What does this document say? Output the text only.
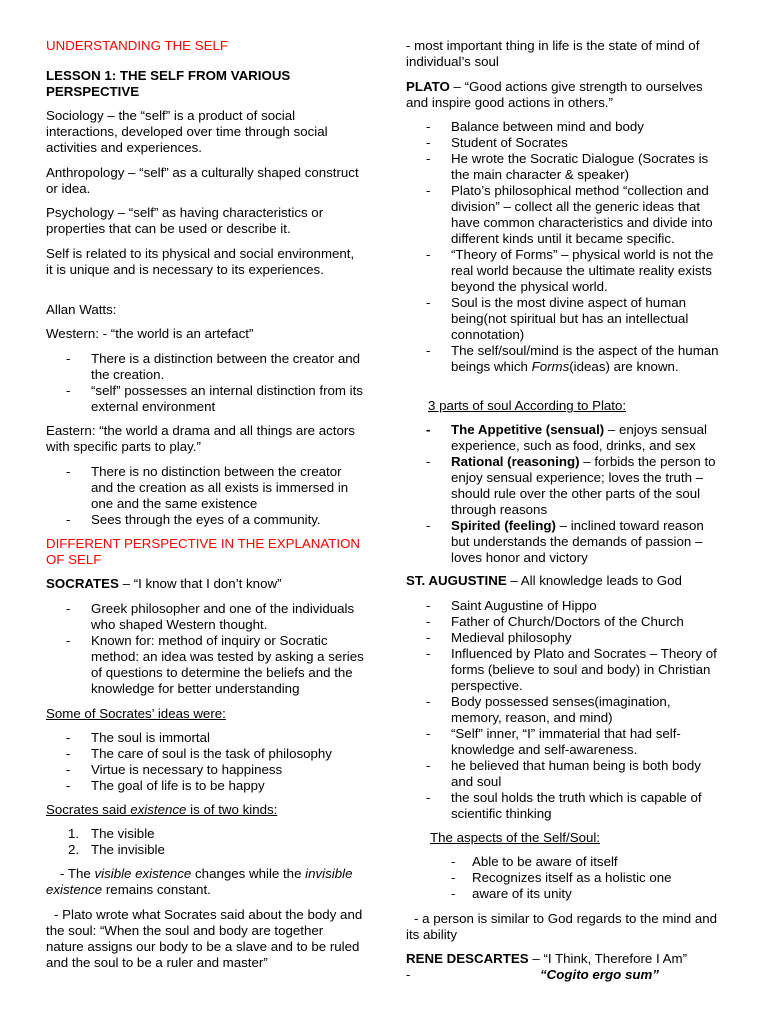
UNDERSTANDING THE SELF

LESSON 1: THE SELF FROM VARIOUS PERSPECTIVE

Sociology – the “self” is a product of social interactions, developed over time through social activities and experiences.

Anthropology – “self” as a culturally shaped construct or idea.

Psychology – “self” as having characteristics or properties that can be used or describe it.

Self is related to its physical and social environment, it is unique and is necessary to its experiences.

Allan Watts:

Western: - “the world is an artefact”

- There is a distinction between the creator and the creation.
- “self” possesses an internal distinction from its external environment

Eastern: “the world a drama and all things are actors with specific parts to play.”

- There is no distinction between the creator and the creation as all exists is immersed in one and the same existence
- Sees through the eyes of a community.

DIFFERENT PERSPECTIVE IN THE EXPLANATION OF SELF

SOCRATES – “I know that I don’t know”

- Greek philosopher and one of the individuals who shaped Western thought.
- Known for: method of inquiry or Socratic method: an idea was tested by asking a series of questions to determine the beliefs and the knowledge for better understanding

Some of Socrates’ ideas were:

- The soul is immortal
- The care of soul is the task of philosophy
- Virtue is necessary to happiness
- The goal of life is to be happy

Socrates said existence is of two kinds:

1. The visible
2. The invisible

- The visible existence changes while the invisible existence remains constant.

- Plato wrote what Socrates said about the body and the soul: “When the soul and body are together nature assigns our body to be a slave and to be ruled and the soul to be a ruler and master”

- most important thing in life is the state of mind of individual’s soul

PLATO – “Good actions give strength to ourselves and inspire good actions in others.”

- Balance between mind and body
- Student of Socrates
- He wrote the Socratic Dialogue (Socrates is the main character & speaker)
- Plato’s philosophical method “collection and division” – collect all the generic ideas that have common characteristics and divide into different kinds until it became specific.
- “Theory of Forms” – physical world is not the real world because the ultimate reality exists beyond the physical world.
- Soul is the most divine aspect of human being(not spiritual but has an intellectual connotation)
- The self/soul/mind is the aspect of the human beings which Forms(ideas) are known.

3 parts of soul According to Plato:

- The Appetitive (sensual) – enjoys sensual experience, such as food, drinks, and sex
- Rational (reasoning) – forbids the person to enjoy sensual experience; loves the truth – should rule over the other parts of the soul through reasons
- Spirited (feeling) – inclined toward reason but understands the demands of passion – loves honor and victory

ST. AUGUSTINE – All knowledge leads to God

- Saint Augustine of Hippo
- Father of Church/Doctors of the Church
- Medieval philosophy
- Influenced by Plato and Socrates – Theory of forms (believe to soul and body) in Christian perspective.
- Body possessed senses(imagination, memory, reason, and mind)
- “Self” inner, “I” immaterial that had self-knowledge and self-awareness.
- he believed that human being is both body and soul
- the soul holds the truth which is capable of scientific thinking

The aspects of the Self/Soul:

- Able to be aware of itself
- Recognizes itself as a holistic one
- aware of its unity

- a person is similar to God regards to the mind and its ability

RENE DESCARTES – “I Think, Therefore I Am”

-	“Cogito ergo sum”
